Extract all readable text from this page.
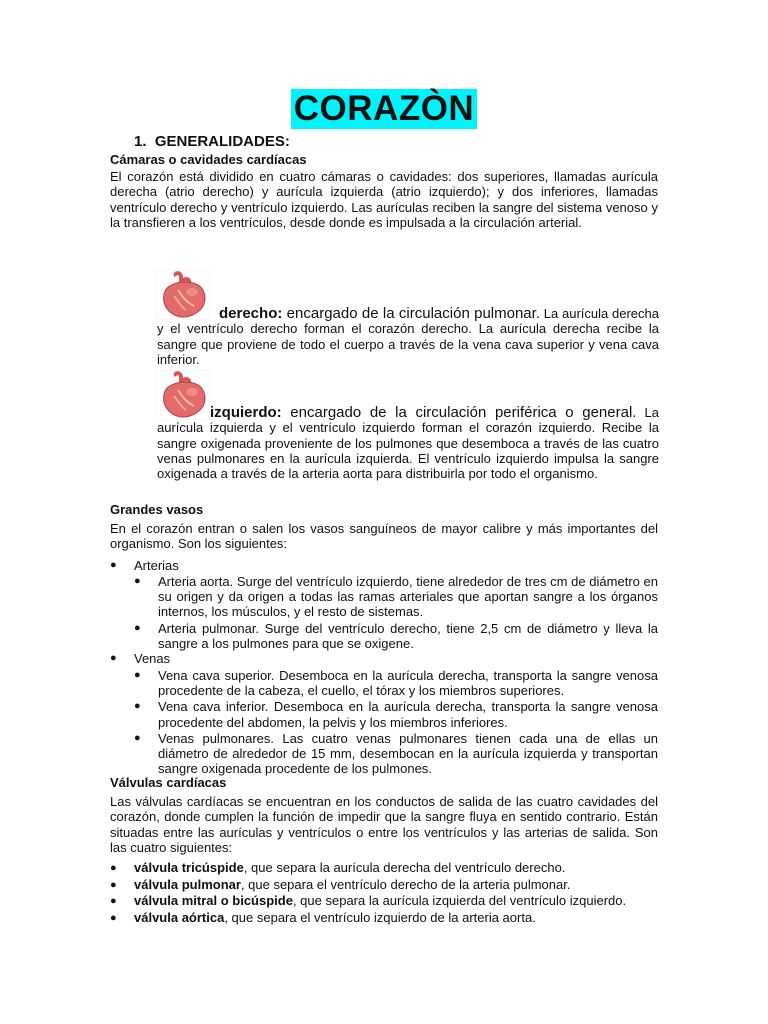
CORAZÒN
1.  GENERALIDADES:
Cámaras o cavidades cardíacas
El corazón está dividido en cuatro cámaras o cavidades: dos superiores, llamadas aurícula derecha (atrio derecho) y aurícula izquierda (atrio izquierdo); y dos inferiores, llamadas ventrículo derecho y ventrículo izquierdo. Las aurículas reciben la sangre del sistema venoso y la transfieren a los ventrículos, desde donde es impulsada a la circulación arterial.
derecho: encargado de la circulación pulmonar. La aurícula derecha y el ventrículo derecho forman el corazón derecho. La aurícula derecha recibe la sangre que proviene de todo el cuerpo a través de la vena cava superior y vena cava inferior.
izquierdo: encargado de la circulación periférica o general. La aurícula izquierda y el ventrículo izquierdo forman el corazón izquierdo. Recibe la sangre oxigenada proveniente de los pulmones que desemboca a través de las cuatro venas pulmonares en la aurícula izquierda. El ventrículo izquierdo impulsa la sangre oxigenada a través de la arteria aorta para distribuirla por todo el organismo.
Grandes vasos
En el corazón entran o salen los vasos sanguíneos de mayor calibre y más importantes del organismo. Son los siguientes:
● Arterias
● Arteria aorta. Surge del ventrículo izquierdo, tiene alrededor de tres cm de diámetro en su origen y da origen a todas las ramas arteriales que aportan sangre a los órganos internos, los músculos, y el resto de sistemas.
● Arteria pulmonar. Surge del ventrículo derecho, tiene 2,5 cm de diámetro y lleva la sangre a los pulmones para que se oxigene.
● Venas
● Vena cava superior. Desemboca en la aurícula derecha, transporta la sangre venosa procedente de la cabeza, el cuello, el tórax y los miembros superiores.
● Vena cava inferior. Desemboca en la aurícula derecha, transporta la sangre venosa procedente del abdomen, la pelvis y los miembros inferiores.
● Venas pulmonares. Las cuatro venas pulmonares tienen cada una de ellas un diámetro de alrededor de 15 mm, desembocan en la aurícula izquierda y transportan sangre oxigenada procedente de los pulmones.
Válvulas cardíacas
Las válvulas cardíacas se encuentran en los conductos de salida de las cuatro cavidades del corazón, donde cumplen la función de impedir que la sangre fluya en sentido contrario. Están situadas entre las aurículas y ventrículos o entre los ventrículos y las arterias de salida. Son las cuatro siguientes:
● válvula tricúspide, que separa la aurícula derecha del ventrículo derecho.
● válvula pulmonar, que separa el ventrículo derecho de la arteria pulmonar.
● válvula mitral o bicúspide, que separa la aurícula izquierda del ventrículo izquierdo.
● válvula aórtica, que separa el ventrículo izquierdo de la arteria aorta.
